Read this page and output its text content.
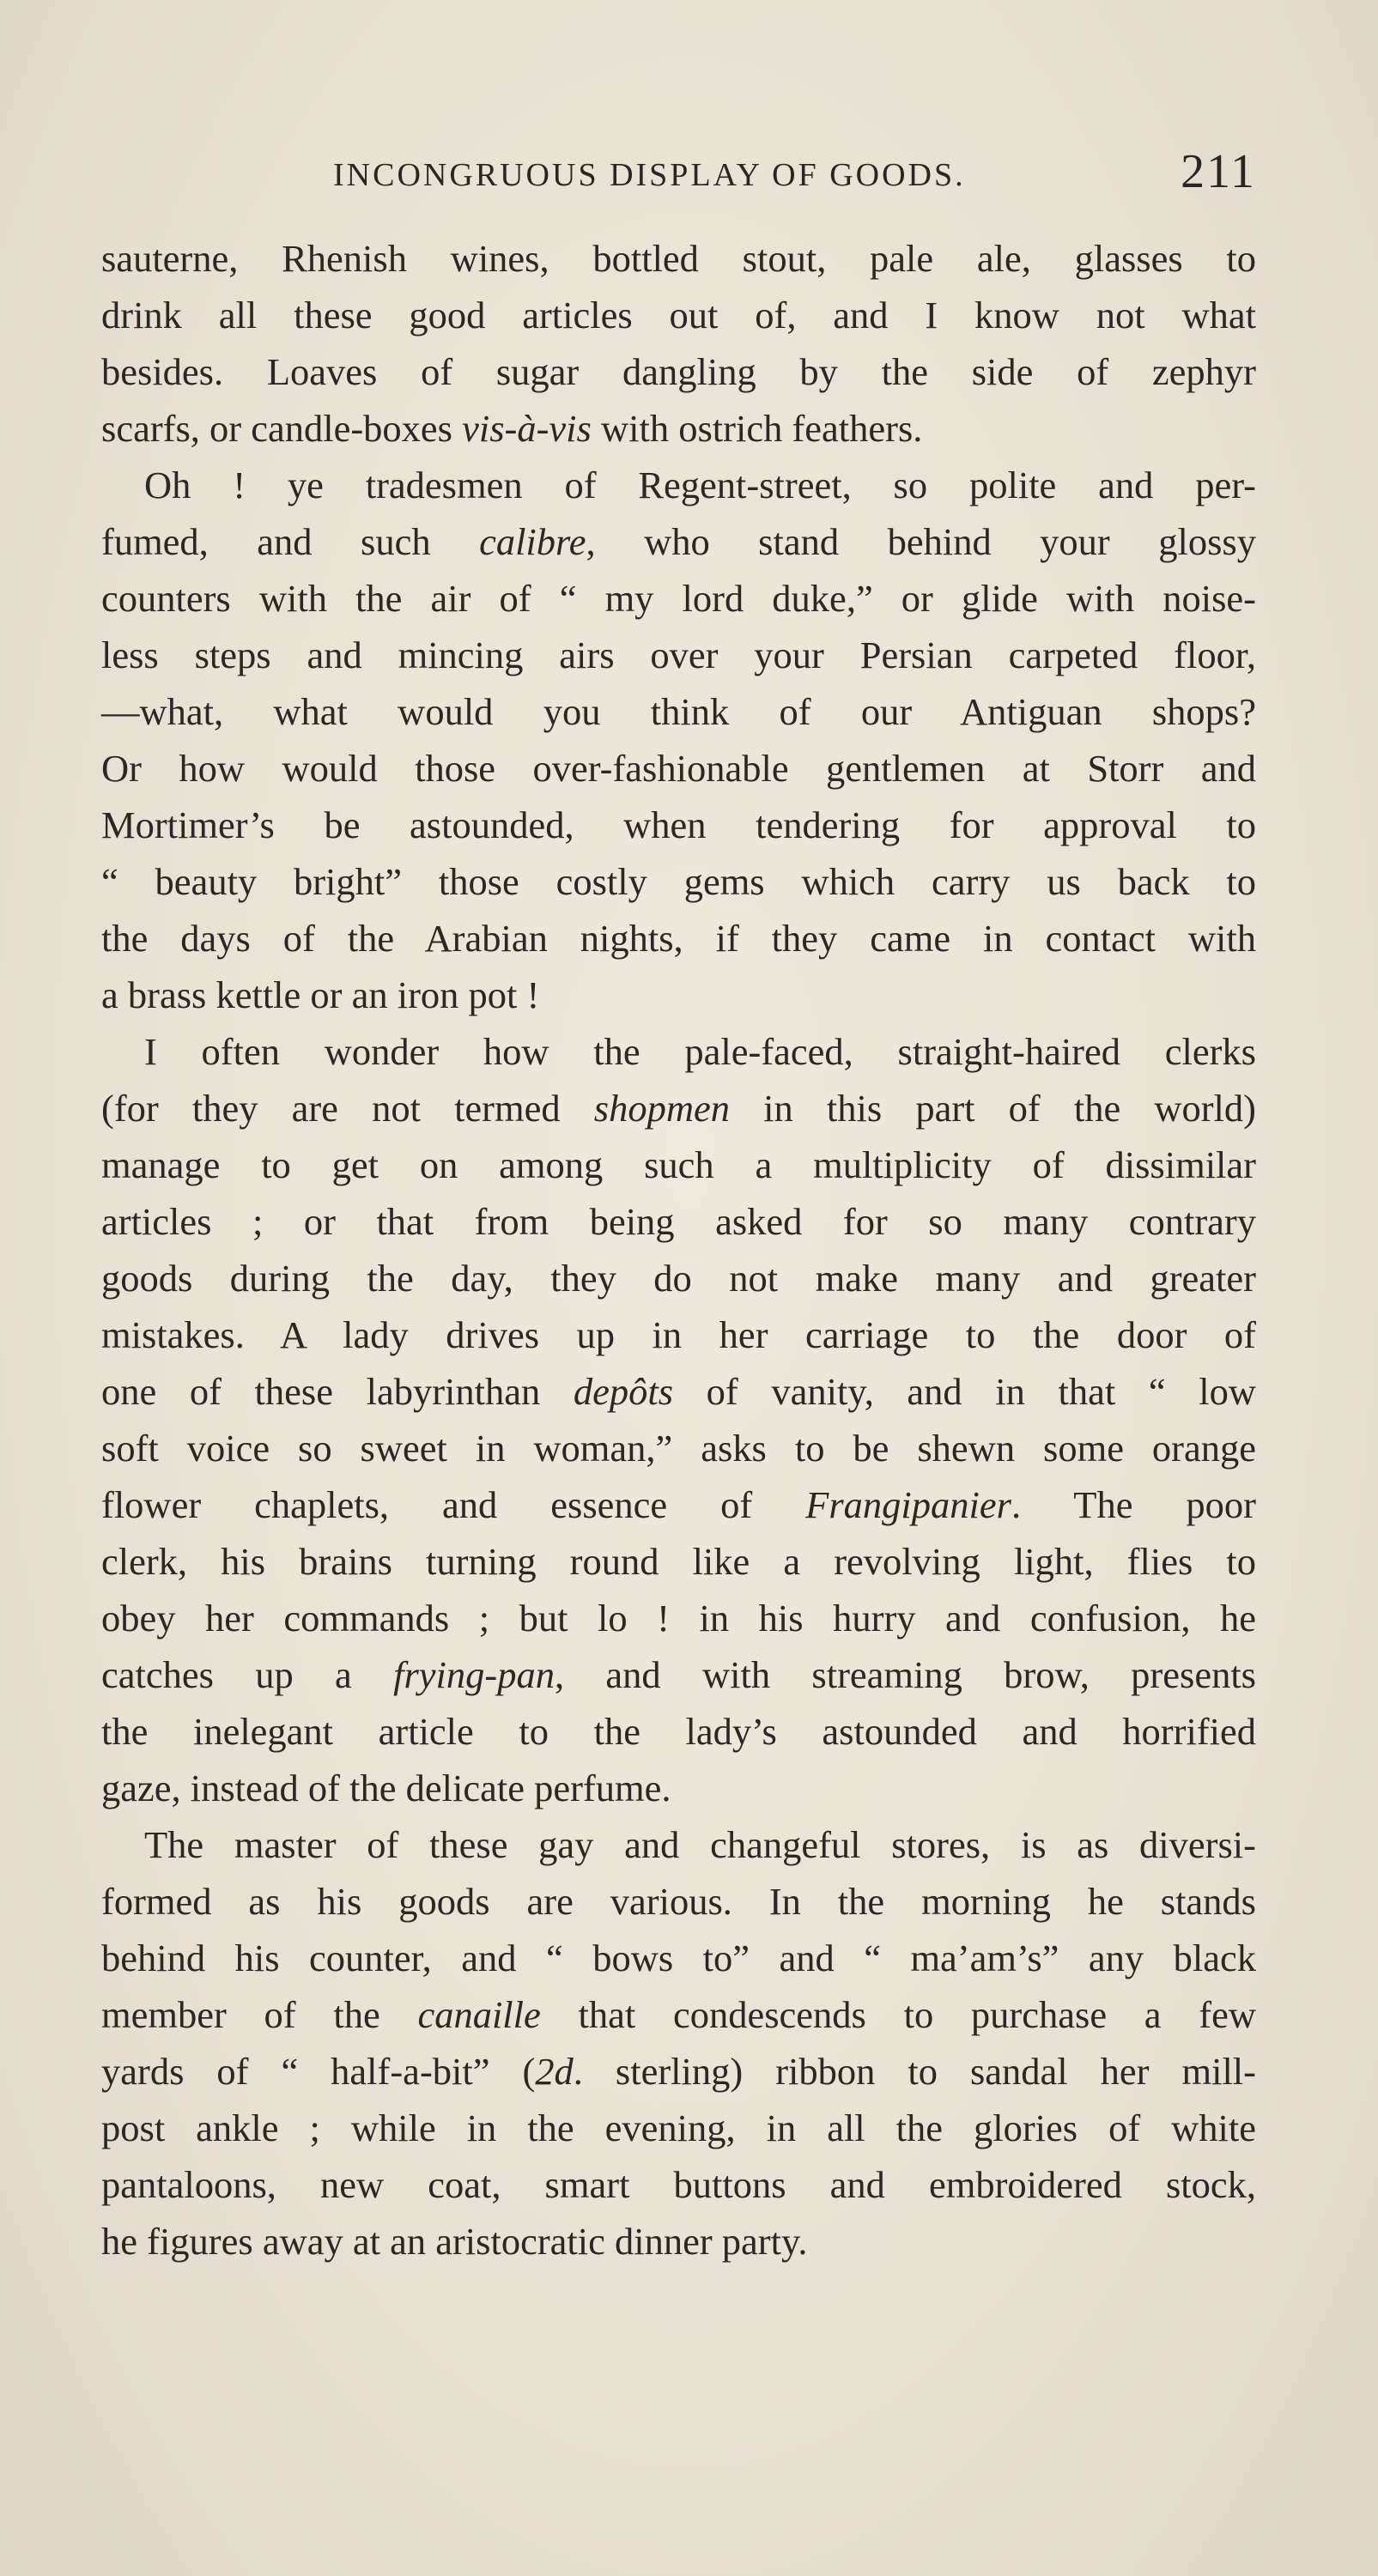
INCONGRUOUS DISPLAY OF GOODS.	211
sauterne, Rhenish wines, bottled stout, pale ale, glasses to
drink all these good articles out of, and I know not what
besides. Loaves of sugar dangling by the side of zephyr
scarfs, or candle-boxes vis-à-vis with ostrich feathers.
Oh ! ye tradesmen of Regent-street, so polite and per-
fumed, and such calibre, who stand behind your glossy
counters with the air of “ my lord duke,” or glide with noise-
less steps and mincing airs over your Persian carpeted floor,
—what, what would you think of our Antiguan shops?
Or how would those over-fashionable gentlemen at Storr and
Mortimer’s be astounded, when tendering for approval to
“ beauty bright” those costly gems which carry us back to
the days of the Arabian nights, if they came in contact with
a brass kettle or an iron pot !
I often wonder how the pale-faced, straight-haired clerks
(for they are not termed shopmen in this part of the world)
manage to get on among such a multiplicity of dissimilar
articles ; or that from being asked for so many contrary
goods during the day, they do not make many and greater
mistakes. A lady drives up in her carriage to the door of
one of these labyrinthan depôts of vanity, and in that “ low
soft voice so sweet in woman,” asks to be shewn some orange
flower chaplets, and essence of Frangipanier. The poor
clerk, his brains turning round like a revolving light, flies to
obey her commands ; but lo ! in his hurry and confusion, he
catches up a frying-pan, and with streaming brow, presents
the inelegant article to the lady’s astounded and horrified
gaze, instead of the delicate perfume.
The master of these gay and changeful stores, is as diversi-
formed as his goods are various. In the morning he stands
behind his counter, and “ bows to” and “ ma’am’s” any black
member of the canaille that condescends to purchase a few
yards of “ half-a-bit” (2d. sterling) ribbon to sandal her mill-
post ankle ; while in the evening, in all the glories of white
pantaloons, new coat, smart buttons and embroidered stock,
he figures away at an aristocratic dinner party.
